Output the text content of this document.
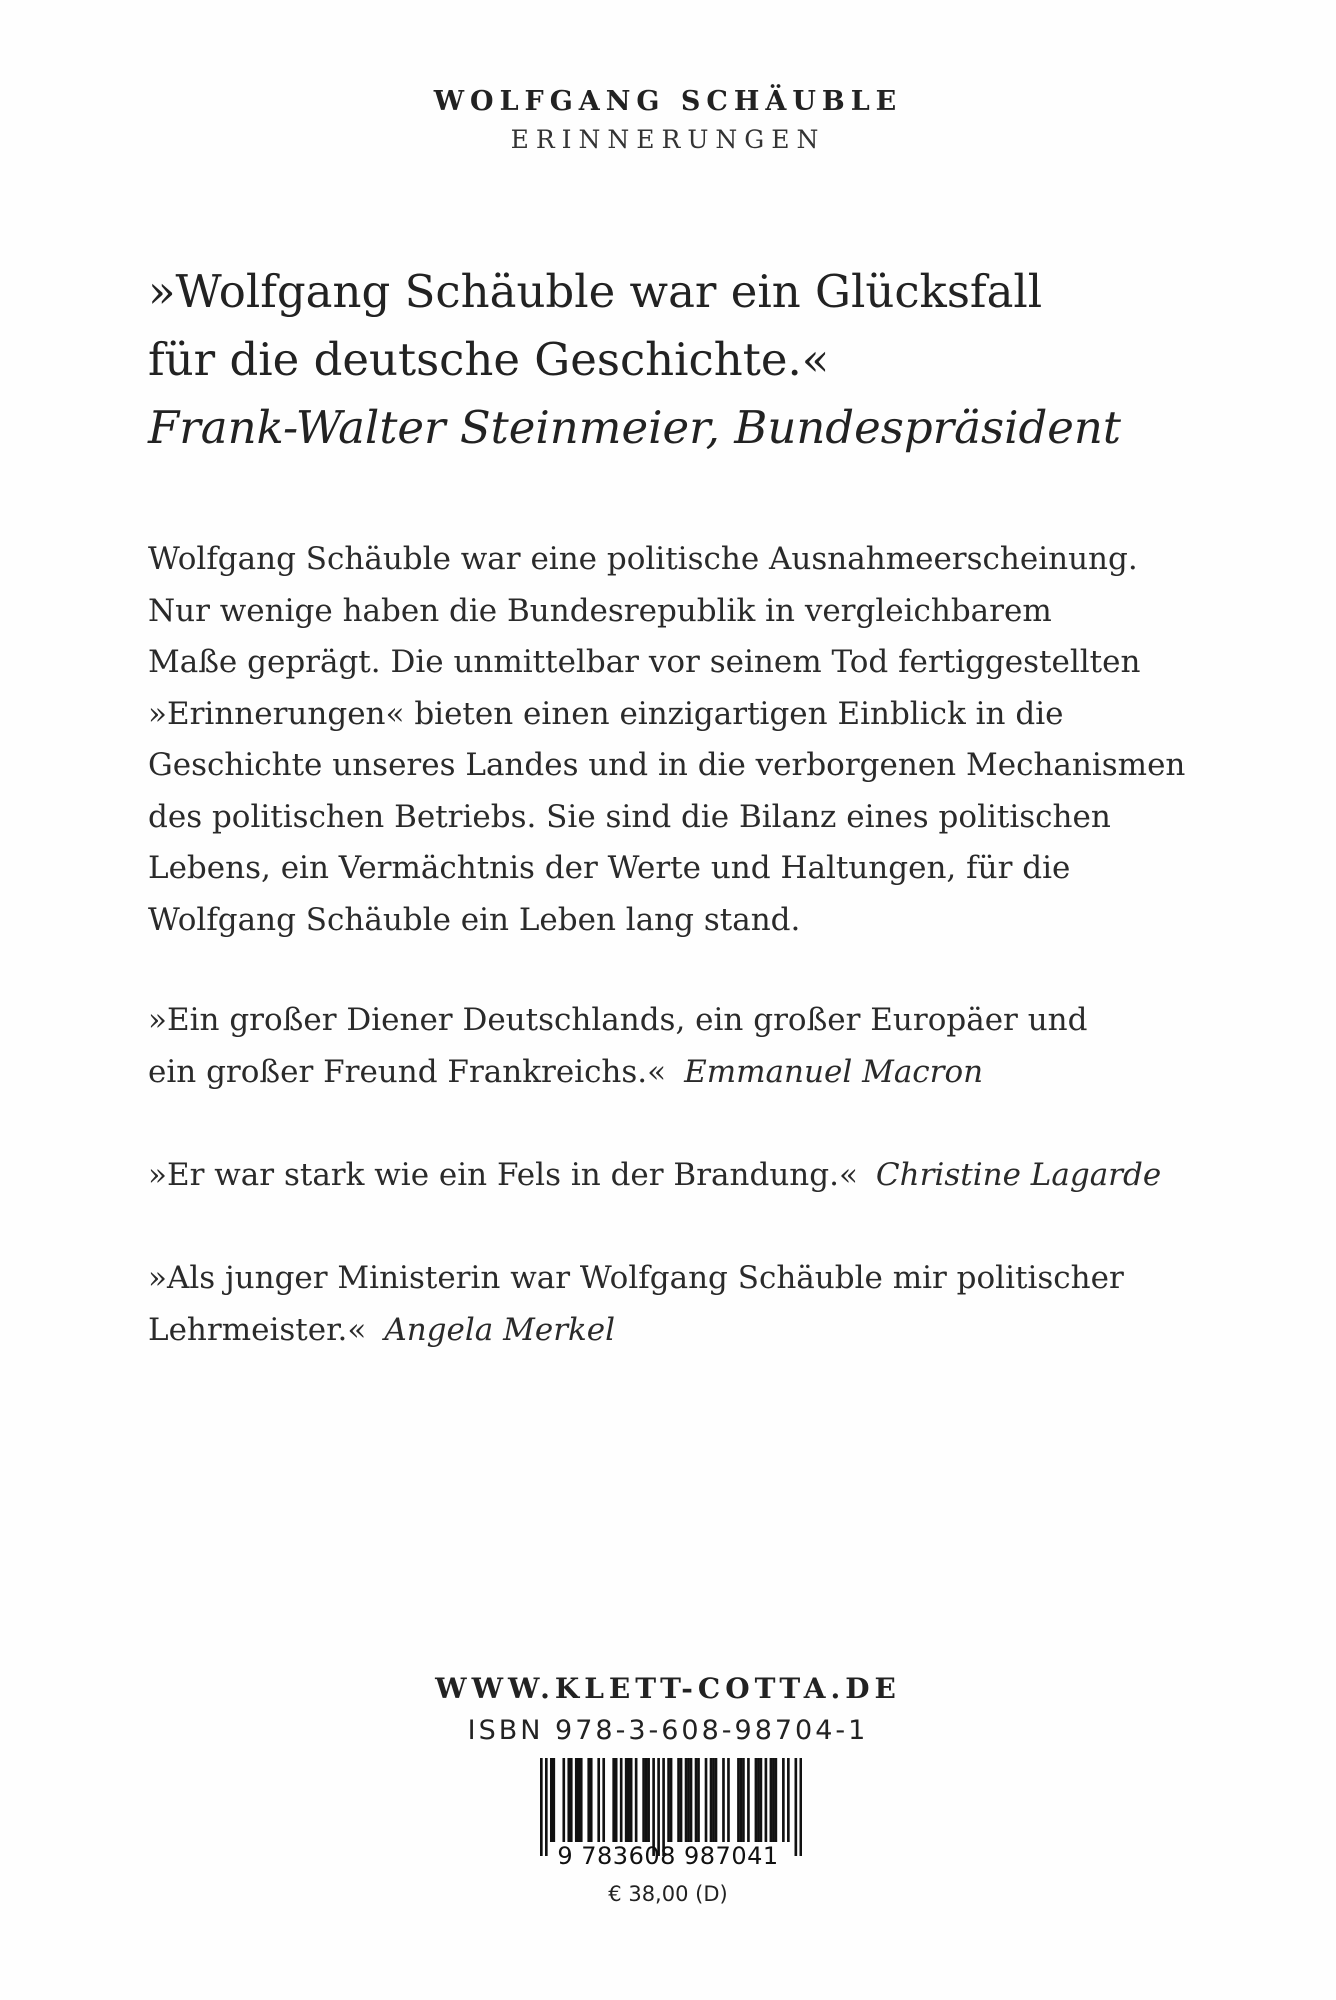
WOLFGANG SCHÄUBLE
ERINNERUNGEN
»Wolfgang Schäuble war ein Glücksfall
für die deutsche Geschichte.«
Frank-Walter Steinmeier, Bundespräsident
Wolfgang Schäuble war eine politische Ausnahmeerscheinung.
Nur wenige haben die Bundesrepublik in vergleichbarem
Maße geprägt. Die unmittelbar vor seinem Tod fertiggestellten
»Erinnerungen« bieten einen einzigartigen Einblick in die
Geschichte unseres Landes und in die verborgenen Mechanismen
des politischen Betriebs. Sie sind die Bilanz eines politischen
Lebens, ein Vermächtnis der Werte und Haltungen, für die
Wolfgang Schäuble ein Leben lang stand.
»Ein großer Diener Deutschlands, ein großer Europäer und
ein großer Freund Frankreichs.« Emmanuel Macron
»Er war stark wie ein Fels in der Brandung.« Christine Lagarde
»Als junger Ministerin war Wolfgang Schäuble mir politischer
Lehrmeister.« Angela Merkel
WWW.KLETT-COTTA.DE
ISBN 978-3-608-98704-1
9 783608 987041
€ 38,00 (D)
